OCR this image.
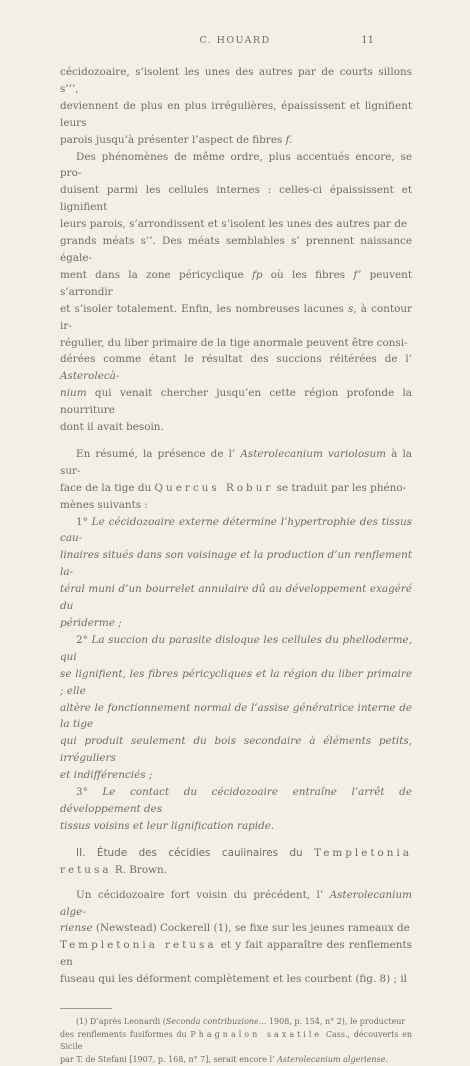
C. HOUARD	11

cécidozoaire, s’isolent les unes des autres par de courts sillons s’’’,

deviennent de plus en plus irrégulières, épaississent et lignifient leurs

parois jusqu’à présenter l’aspect de fibres f.

Des phénomènes de même ordre, plus accentués encore, se pro-

duisent parmi les cellules internes : celles-ci épaississent et lignifient

leurs parois, s’arrondissent et s’isolent les unes des autres par de

grands méats s’’. Des méats semblables s’ prennent naissance égale-

ment dans la zone péricyclique fp où les fibres f’ peuvent s’arrondir

et s’isoler totalement. Enfin, les nombreuses lacunes s, à contour ir-

régulier, du liber primaire de la tige anormale peuvent être consi-

dérées comme étant le résultat des succions réitérées de l’ Asterolecà-

nium qui venait chercher jusqu’en cette région profonde la nourriture

dont il avait besoin.

En résumé, la présence de l’ Asterolecanium variolosum à la sur-

face de la tige du Quercus Robur se traduit par les phéno-

mènes suivants :

1° Le cécidozoaire externe détermine l’hypertrophie des tissus cau-

linaires situés dans son voisinage et la production d’un renflement la-

téral muni d’un bourrelet annulaire dû au développement exagéré du

périderme ;

2° La succion du parasite disloque les cellules du phelloderme, qui

se lignifient, les fibres péricycliques et la région du liber primaire ; elle

altère le fonctionnement normal de l’assise génératrice interne de la tige

qui produit seulement du bois secondaire à éléments petits, irréguliers

et indifférenciés ;

3° Le contact du cécidozoaire entraîne l’arrêt de développement des

tissus voisins et leur lignification rapide.

II. Étude des cécidies caulinaires du Templetonia retusa R. Brown.

Un cécidozoaire fort voisin du précédent, l’ Asterolecanium alge-

riense (Newstead) Cockerell (1), se fixe sur les jeunes rameaux de

Templetonia retusa et y fait apparaître des renflements en

fuseau qui les déforment complètement et les courbent (fig. 8) ; il

(1) D’après Leonardi (Seconda contribuzione... 1908, p. 154, n° 2), le producteur

des renflements fusiformes du Phagnalon saxatile Cass., découverts en Sicile

par T. de Stefani [1907, p. 168, n° 7], serait encore l’ Asterolecanium algeriense.
